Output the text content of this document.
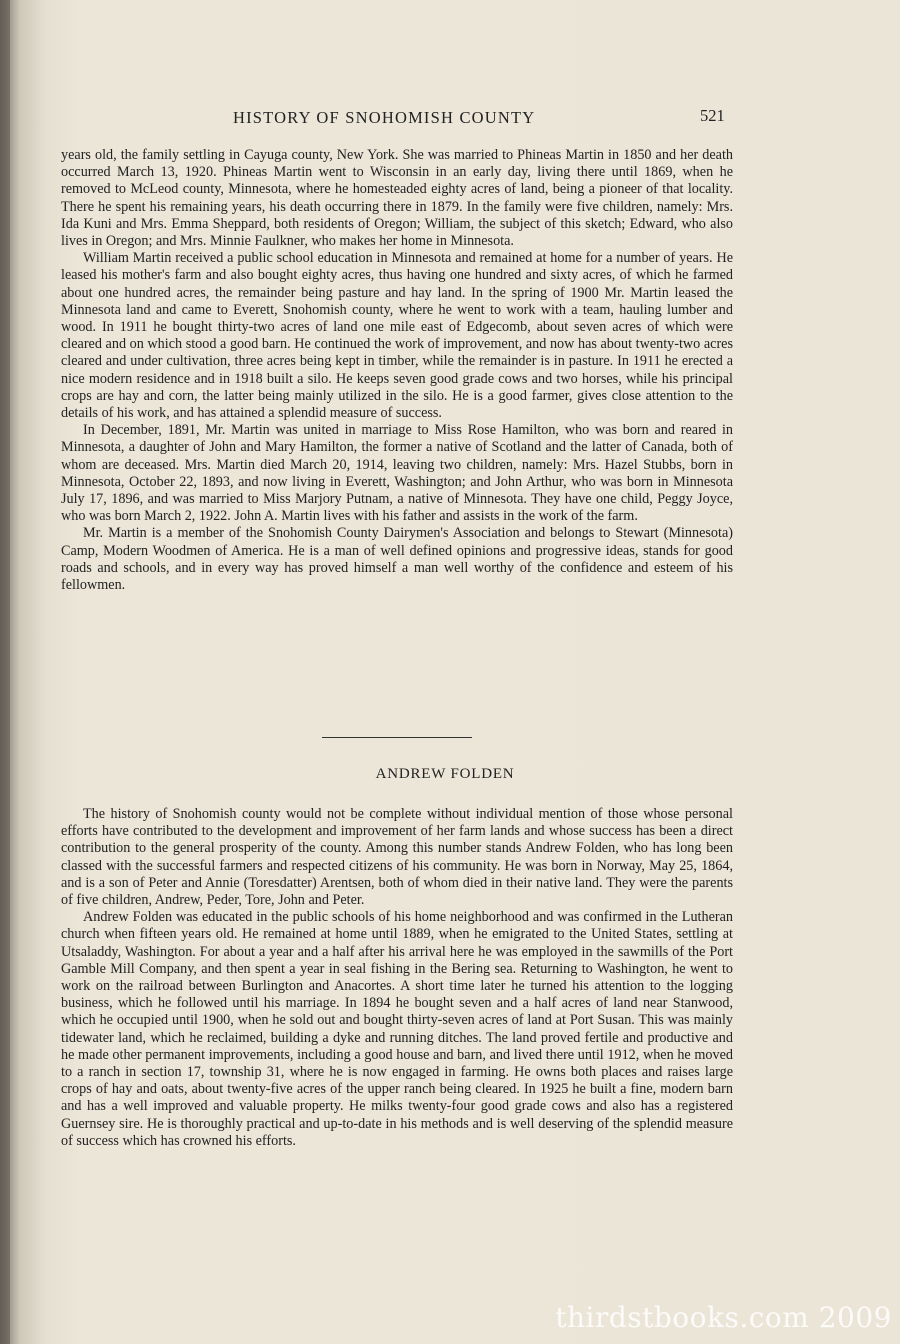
HISTORY OF SNOHOMISH COUNTY	521

years old, the family settling in Cayuga county, New York. She was married to Phineas Martin in 1850 and her death occurred March 13, 1920. Phineas Martin went to Wisconsin in an early day, living there until 1869, when he removed to McLeod county, Minnesota, where he homesteaded eighty acres of land, being a pioneer of that locality. There he spent his remaining years, his death occurring there in 1879. In the family were five children, namely: Mrs. Ida Kuni and Mrs. Emma Sheppard, both residents of Oregon; William, the subject of this sketch; Edward, who also lives in Oregon; and Mrs. Minnie Faulkner, who makes her home in Minnesota.

William Martin received a public school education in Minnesota and remained at home for a number of years. He leased his mother's farm and also bought eighty acres, thus having one hundred and sixty acres, of which he farmed about one hundred acres, the remainder being pasture and hay land. In the spring of 1900 Mr. Martin leased the Minnesota land and came to Everett, Snohomish county, where he went to work with a team, hauling lumber and wood. In 1911 he bought thirty-two acres of land one mile east of Edgecomb, about seven acres of which were cleared and on which stood a good barn. He continued the work of improvement, and now has about twenty-two acres cleared and under cultivation, three acres being kept in timber, while the remainder is in pasture. In 1911 he erected a nice modern residence and in 1918 built a silo. He keeps seven good grade cows and two horses, while his principal crops are hay and corn, the latter being mainly utilized in the silo. He is a good farmer, gives close attention to the details of his work, and has attained a splendid measure of success.

In December, 1891, Mr. Martin was united in marriage to Miss Rose Hamilton, who was born and reared in Minnesota, a daughter of John and Mary Hamilton, the former a native of Scotland and the latter of Canada, both of whom are deceased. Mrs. Martin died March 20, 1914, leaving two children, namely: Mrs. Hazel Stubbs, born in Minnesota, October 22, 1893, and now living in Everett, Washington; and John Arthur, who was born in Minnesota July 17, 1896, and was married to Miss Marjory Putnam, a native of Minnesota. They have one child, Peggy Joyce, who was born March 2, 1922. John A. Martin lives with his father and assists in the work of the farm.

Mr. Martin is a member of the Snohomish County Dairymen's Association and belongs to Stewart (Minnesota) Camp, Modern Woodmen of America. He is a man of well defined opinions and progressive ideas, stands for good roads and schools, and in every way has proved himself a man well worthy of the confidence and esteem of his fellowmen.

ANDREW FOLDEN

The history of Snohomish county would not be complete without individual mention of those whose personal efforts have contributed to the development and improvement of her farm lands and whose success has been a direct contribution to the general prosperity of the county. Among this number stands Andrew Folden, who has long been classed with the successful farmers and respected citizens of his community. He was born in Norway, May 25, 1864, and is a son of Peter and Annie (Toresdatter) Arentsen, both of whom died in their native land. They were the parents of five children, Andrew, Peder, Tore, John and Peter.

Andrew Folden was educated in the public schools of his home neighborhood and was confirmed in the Lutheran church when fifteen years old. He remained at home until 1889, when he emigrated to the United States, settling at Utsaladdy, Washington. For about a year and a half after his arrival here he was employed in the sawmills of the Port Gamble Mill Company, and then spent a year in seal fishing in the Bering sea. Returning to Washington, he went to work on the railroad between Burlington and Anacortes. A short time later he turned his attention to the logging business, which he followed until his marriage. In 1894 he bought seven and a half acres of land near Stanwood, which he occupied until 1900, when he sold out and bought thirty-seven acres of land at Port Susan. This was mainly tidewater land, which he reclaimed, building a dyke and running ditches. The land proved fertile and productive and he made other permanent improvements, including a good house and barn, and lived there until 1912, when he moved to a ranch in section 17, township 31, where he is now engaged in farming. He owns both places and raises large crops of hay and oats, about twenty-five acres of the upper ranch being cleared. In 1925 he built a fine, modern barn and has a well improved and valuable property. He milks twenty-four good grade cows and also has a registered Guernsey sire. He is thoroughly practical and up-to-date in his methods and is well deserving of the splendid measure of success which has crowned his efforts.

thirdstbooks.com 2009
